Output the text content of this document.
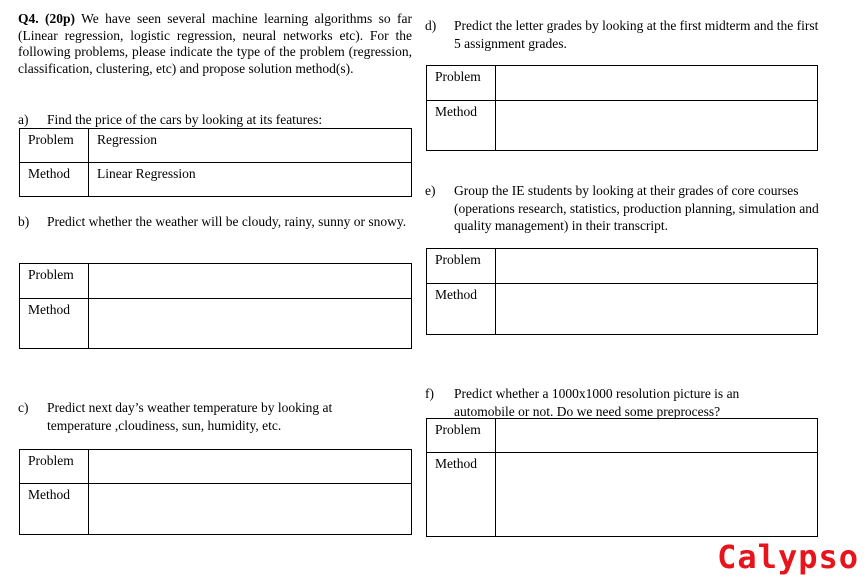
Q4. (20p) We have seen several machine learning algorithms so far (Linear regression, logistic regression, neural networks etc). For the following problems, please indicate the type of the problem (regression, classification, clustering, etc) and propose solution method(s).
a) Find the price of the cars by looking at its features:
Problem	Regression
Method	Linear Regression
b) Predict whether the weather will be cloudy, rainy, sunny or snowy.
Problem	
Method	
c) Predict next day’s weather temperature by looking at temperature ,cloudiness, sun, humidity, etc.
Problem	
Method	
d) Predict the letter grades by looking at the first midterm and the first 5 assignment grades.
Problem	
Method	
e) Group the IE students by looking at their grades of core courses (operations research, statistics, production planning, simulation and quality management) in their transcript.
Problem	
Method	
f) Predict whether a 1000x1000 resolution picture is an automobile or not. Do we need some preprocess?
Problem	
Method	
Calypso
